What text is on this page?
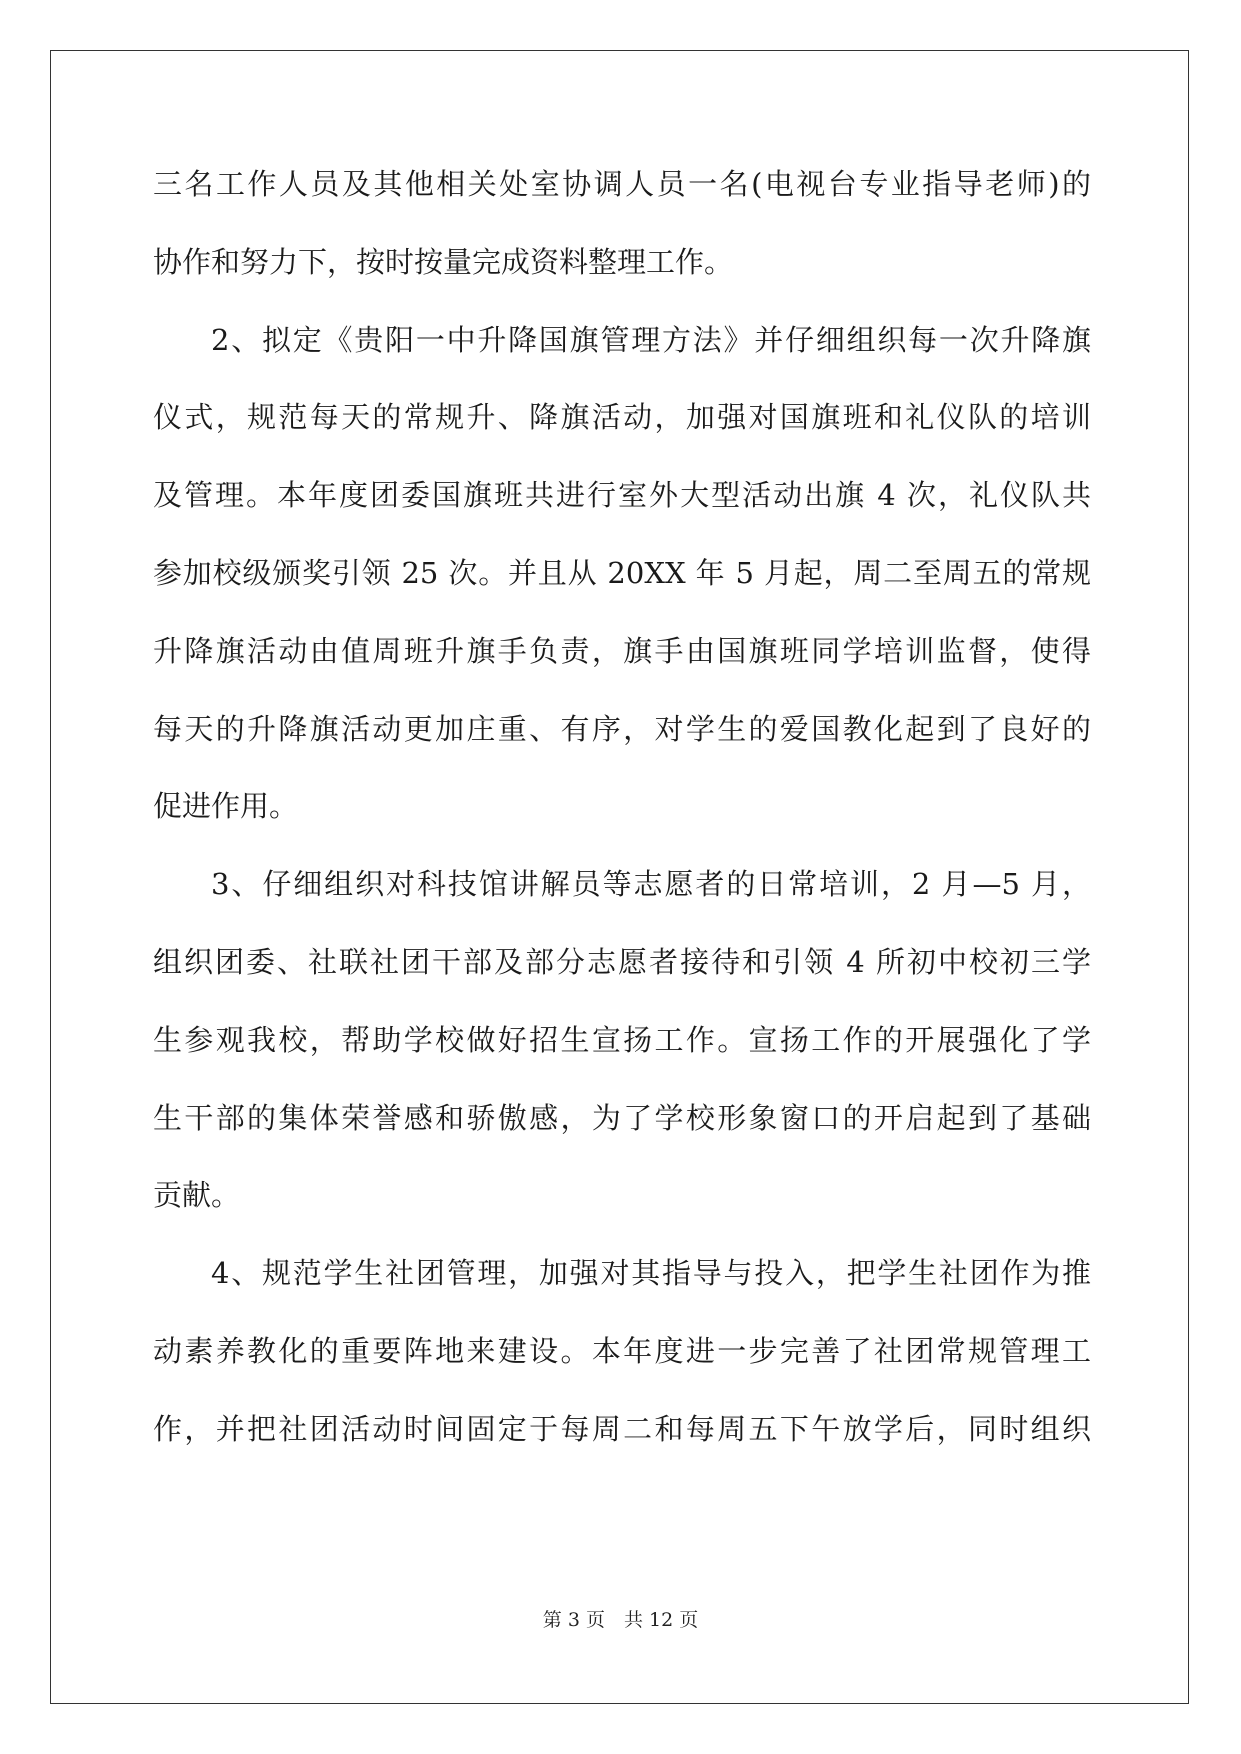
三名工作人员及其他相关处室协调人员一名(电视台专业指导老师)的
协作和努力下，按时按量完成资料整理工作。
2、拟定《贵阳一中升降国旗管理方法》并仔细组织每一次升降旗
仪式，规范每天的常规升、降旗活动，加强对国旗班和礼仪队的培训
及管理。本年度团委国旗班共进行室外大型活动出旗 4 次，礼仪队共
参加校级颁奖引领 25 次。并且从 20XX 年 5 月起，周二至周五的常规
升降旗活动由值周班升旗手负责，旗手由国旗班同学培训监督，使得
每天的升降旗活动更加庄重、有序，对学生的爱国教化起到了良好的
促进作用。
3、仔细组织对科技馆讲解员等志愿者的日常培训，2 月—5 月，
组织团委、社联社团干部及部分志愿者接待和引领 4 所初中校初三学
生参观我校，帮助学校做好招生宣扬工作。宣扬工作的开展强化了学
生干部的集体荣誉感和骄傲感，为了学校形象窗口的开启起到了基础
贡献。
4、规范学生社团管理，加强对其指导与投入，把学生社团作为推
动素养教化的重要阵地来建设。本年度进一步完善了社团常规管理工
作，并把社团活动时间固定于每周二和每周五下午放学后，同时组织
第 3 页　共 12 页
